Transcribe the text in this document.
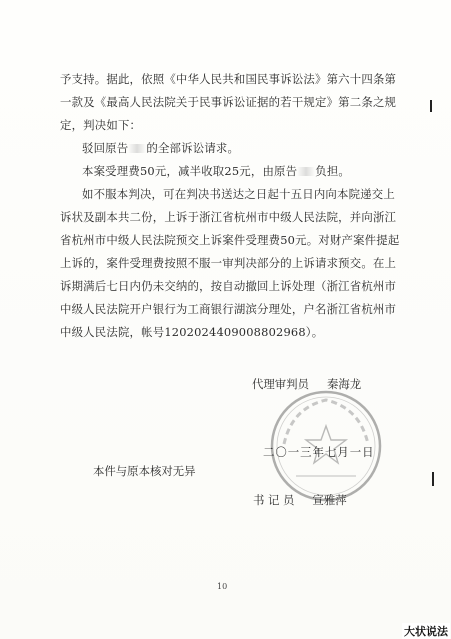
予支持。据此，依照《中华人民共和国民事诉讼法》第六十四条第
一款及《最高人民法院关于民事诉讼证据的若干规定》第二条之规
定，判决如下：
驳回原告 的全部诉讼请求。
本案受理费50元，减半收取25元，由原告 负担。
如不服本判决，可在判决书送达之日起十五日内向本院递交上
诉状及副本共二份，上诉于浙江省杭州市中级人民法院，并向浙江
省杭州市中级人民法院预交上诉案件受理费50元。对财产案件提起
上诉的，案件受理费按照不服一审判决部分的上诉请求预交。在上
诉期满后七日内仍未交纳的，按自动撤回上诉处理（浙江省杭州市
中级人民法院开户银行为工商银行湖滨分理处，户名浙江省杭州市
中级人民法院，帐号1202024409008802968）。
代理审判员 秦海龙
二〇一三年七月一日
本件与原本核对无异
书 记 员 宣雅萍
10
大状说法
